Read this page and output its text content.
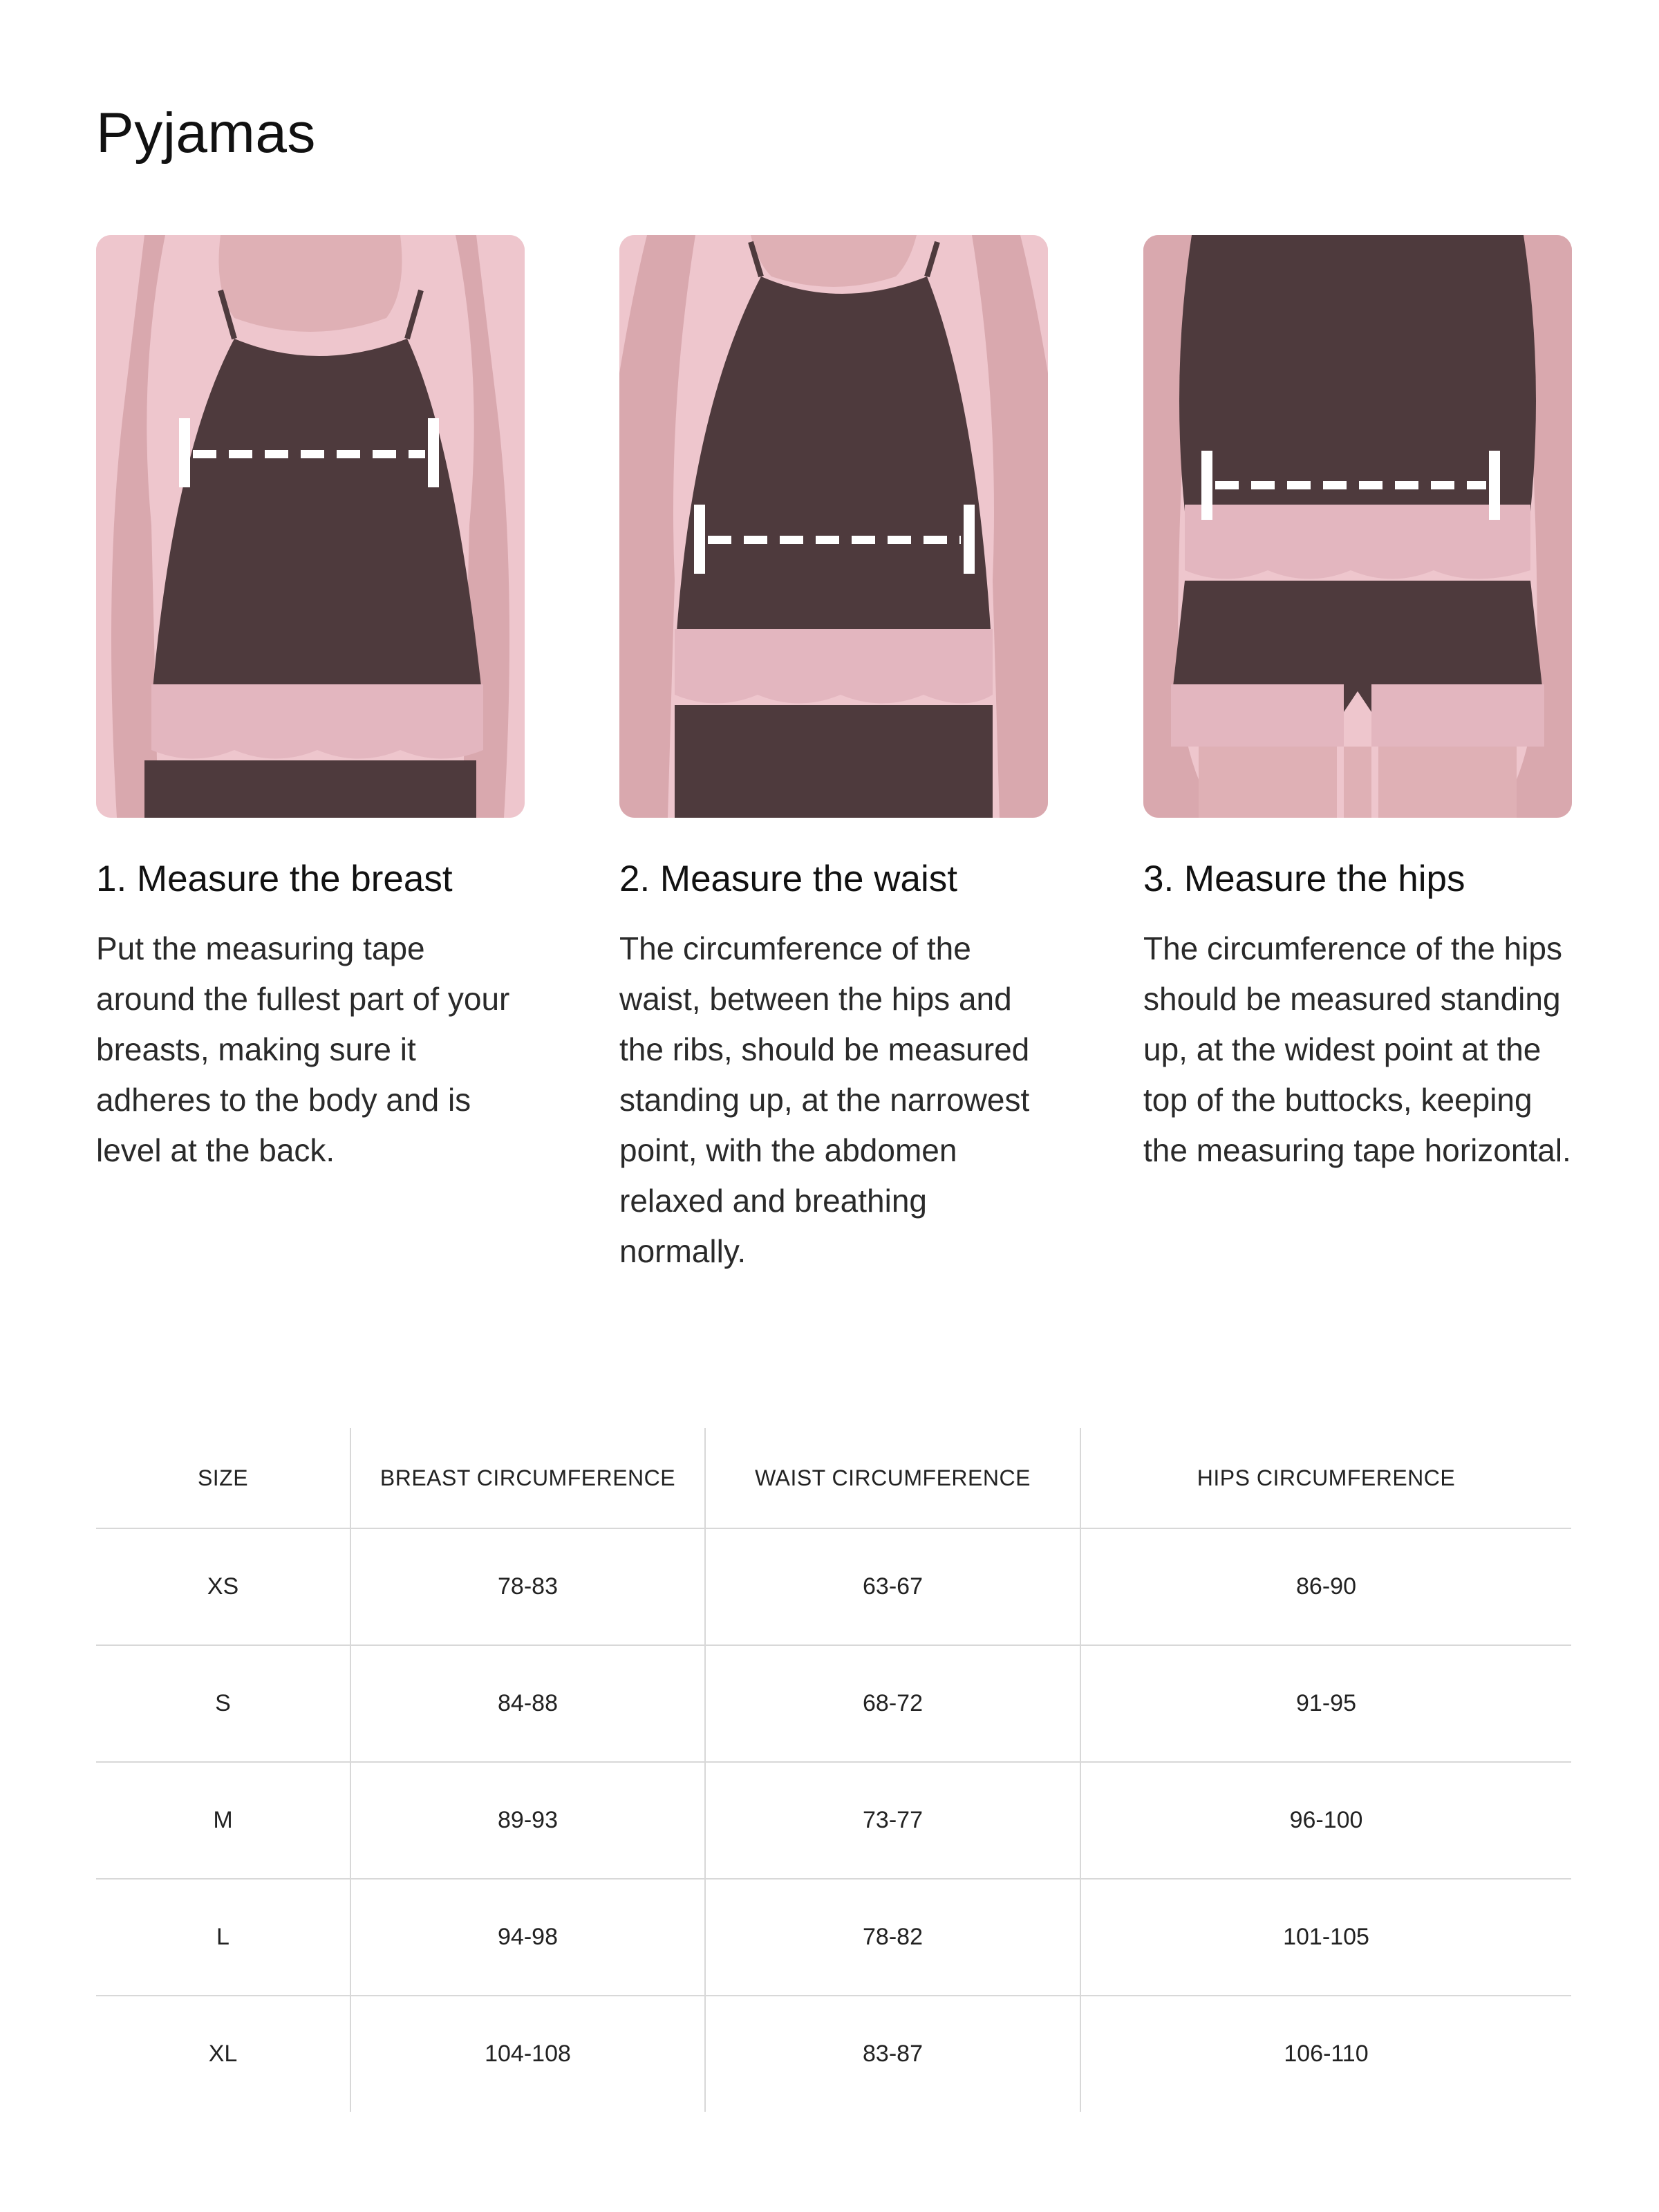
Pyjamas
1. Measure the breast

Put the measuring tape around the fullest part of your breasts, making sure it adheres to the body and is level at the back.

2. Measure the waist

The circumference of the waist, between the hips and the ribs, should be measured standing up, at the narrowest point, with the abdomen relaxed and breathing normally.

3. Measure the hips

The circumference of the hips should be measured standing up, at the widest point at the top of the buttocks, keeping the measuring tape horizontal.

SIZE	BREAST CIRCUMFERENCE	WAIST CIRCUMFERENCE	HIPS CIRCUMFERENCE
XS	78-83	63-67	86-90
S	84-88	68-72	91-95
M	89-93	73-77	96-100
L	94-98	78-82	101-105
XL	104-108	83-87	106-110
